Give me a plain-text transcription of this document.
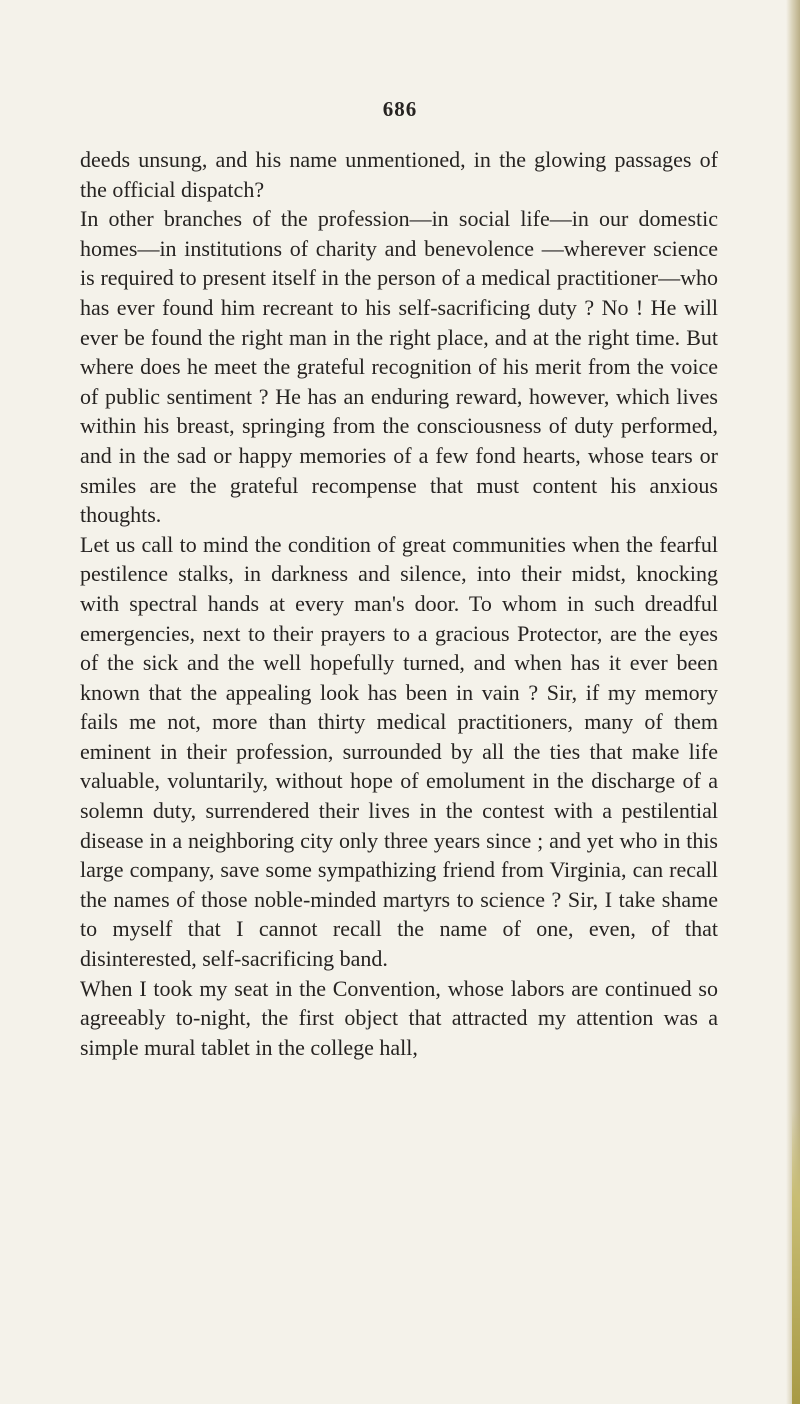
686

deeds unsung, and his name unmentioned, in the glowing passages of the official dispatch?

In other branches of the profession—in social life—in our domestic homes—in institutions of charity and benevolence —wherever science is required to present itself in the person of a medical practitioner—who has ever found him recreant to his self-sacrificing duty ? No ! He will ever be found the right man in the right place, and at the right time. But where does he meet the grateful recognition of his merit from the voice of public sentiment ? He has an enduring reward, however, which lives within his breast, springing from the consciousness of duty performed, and in the sad or happy memories of a few fond hearts, whose tears or smiles are the grateful recompense that must content his anxious thoughts.

Let us call to mind the condition of great communities when the fearful pestilence stalks, in darkness and silence, into their midst, knocking with spectral hands at every man's door. To whom in such dreadful emergencies, next to their prayers to a gracious Protector, are the eyes of the sick and the well hopefully turned, and when has it ever been known that the appealing look has been in vain ? Sir, if my memory fails me not, more than thirty medical practitioners, many of them eminent in their profession, surrounded by all the ties that make life valuable, voluntarily, without hope of emolument in the discharge of a solemn duty, surrendered their lives in the contest with a pestilential disease in a neighboring city only three years since ; and yet who in this large company, save some sympathizing friend from Virginia, can recall the names of those noble-minded martyrs to science ? Sir, I take shame to myself that I cannot recall the name of one, even, of that disinterested, self-sacrificing band.

When I took my seat in the Convention, whose labors are continued so agreeably to-night, the first object that attracted my attention was a simple mural tablet in the college hall,
